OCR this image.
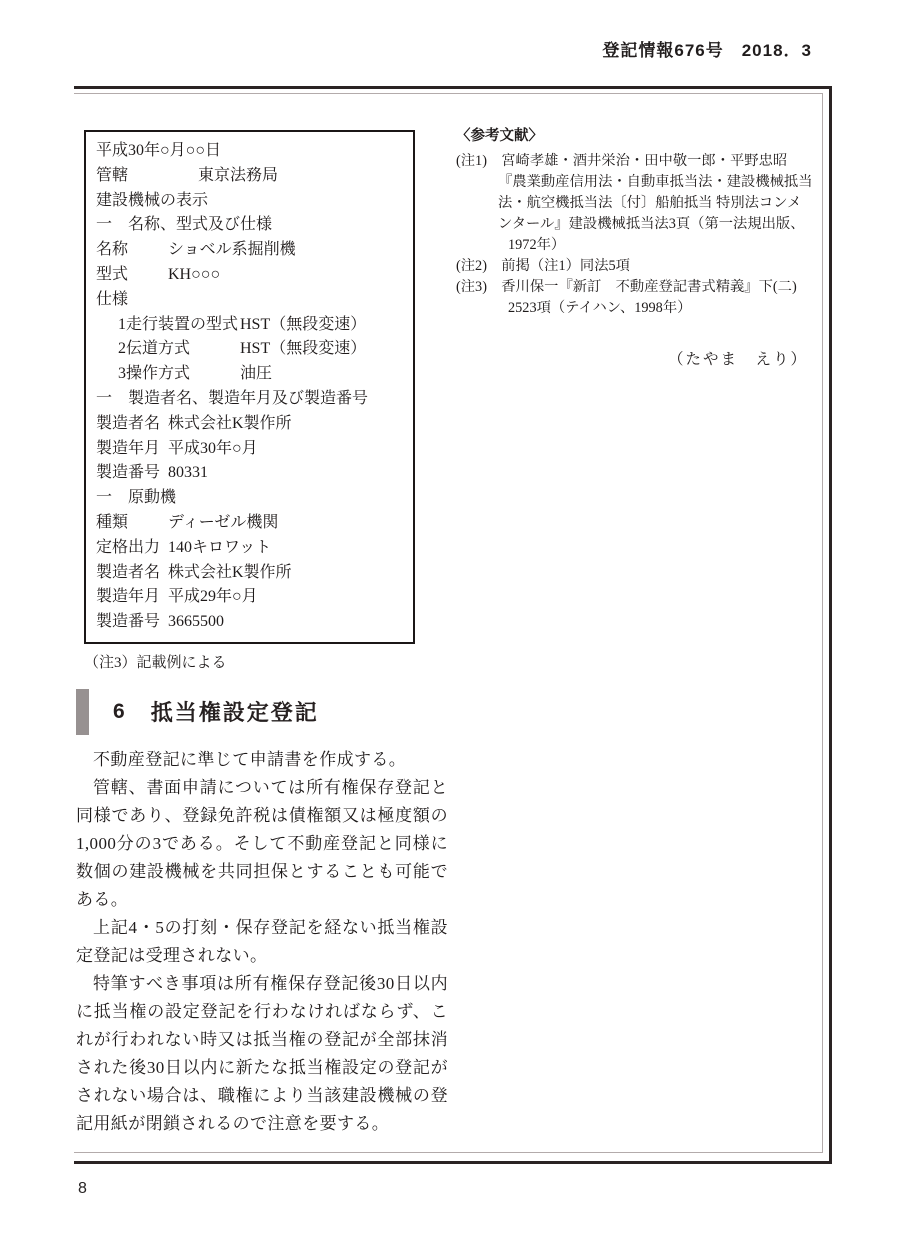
登記情報676号　2018．3
平成30年○月○○日
管轄	東京法務局
建設機械の表示
一　名称、型式及び仕様
名称 ショベル系掘削機
型式 KH○○○
仕様
1走行装置の型式 HST（無段変速）
2伝道方式	HST（無段変速）
3操作方式	油圧
一　製造者名、製造年月及び製造番号
製造者名 株式会社K製作所
製造年月 平成30年○月
製造番号 80331
一　原動機
種類 ディーゼル機関
定格出力 140キロワット
製造者名 株式会社K製作所
製造年月 平成29年○月
製造番号 3665500
（注3）記載例による
6 抵当権設定登記

不動産登記に準じて申請書を作成する。

管轄、書面申請については所有権保存登記と同様であり、登録免許税は債権額又は極度額の1,000分の3である。そして不動産登記と同様に数個の建設機械を共同担保とすることも可能である。

上記4・5の打刻・保存登記を経ない抵当権設定登記は受理されない。

特筆すべき事項は所有権保存登記後30日以内に抵当権の設定登記を行わなければならず、これが行われない時又は抵当権の登記が全部抹消された後30日以内に新たな抵当権設定の登記がされない場合は、職権により当該建設機械の登記用紙が閉鎖されるので注意を要する。

〈参考文献〉
(注1)　宮崎孝雄・酒井栄治・田中敬一郎・平野忠昭
『農業動産信用法・自動車抵当法・建設機械抵当
法・航空機抵当法〔付〕船舶抵当 特別法コンメ
ンタール』建設機械抵当法3頁（第一法規出版、
1972年）
(注2)　前掲（注1）同法5項
(注3)　香川保一『新訂　不動産登記書式精義』下(二)
2523項（テイハン、1998年）
（たやま　えり）
8
